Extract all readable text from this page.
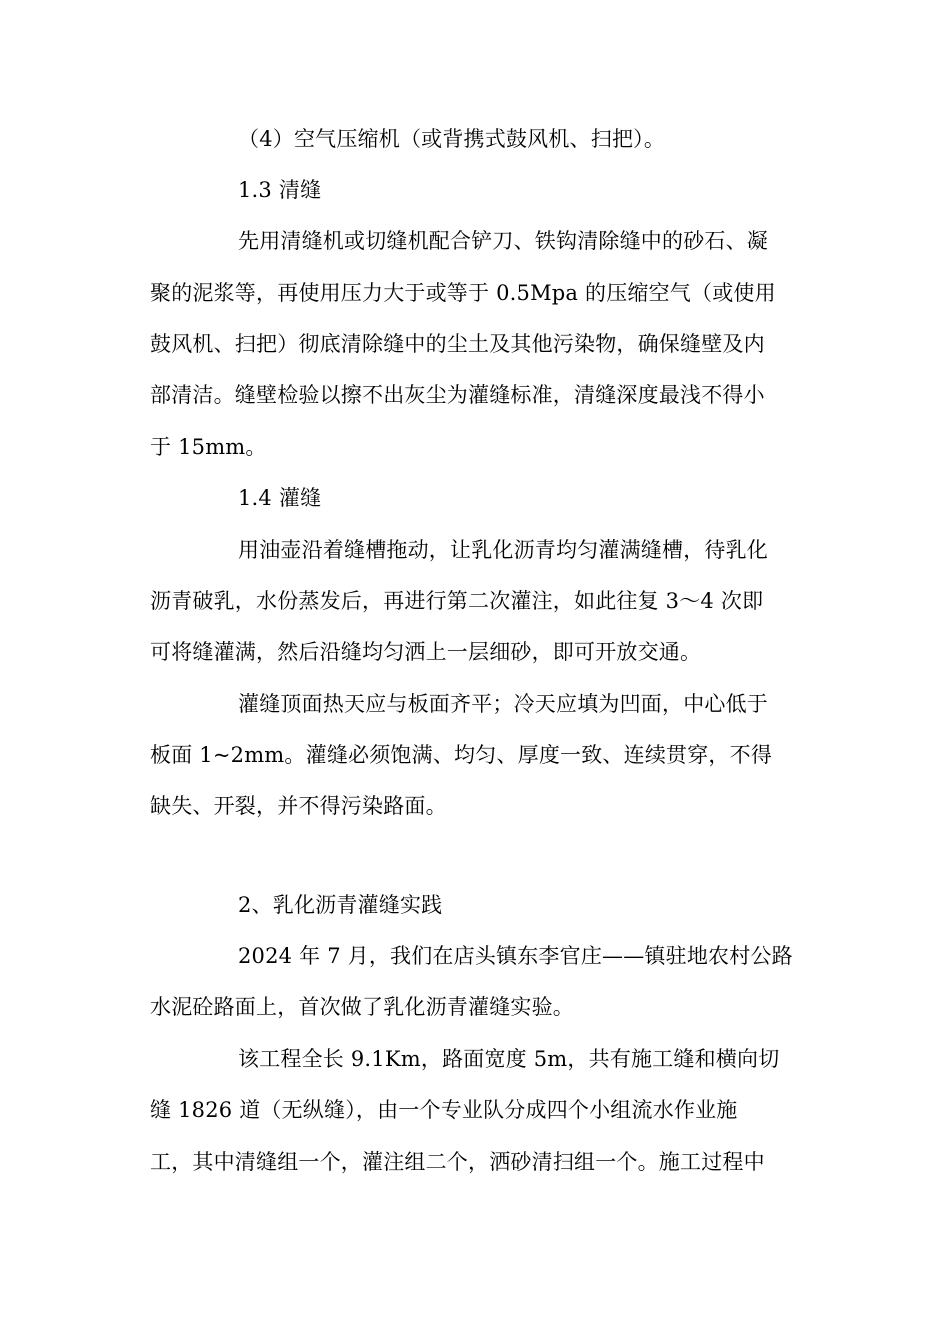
（4）空气压缩机（或背携式鼓风机、扫把）。
1.3 清缝
先用清缝机或切缝机配合铲刀、铁钩清除缝中的砂石、凝
聚的泥浆等，再使用压力大于或等于 0.5Mpa 的压缩空气（或使用
鼓风机、扫把）彻底清除缝中的尘土及其他污染物，确保缝壁及内
部清洁。缝壁检验以擦不出灰尘为灌缝标准，清缝深度最浅不得小
于 15mm。
1.4 灌缝
用油壶沿着缝槽拖动，让乳化沥青均匀灌满缝槽，待乳化
沥青破乳，水份蒸发后，再进行第二次灌注，如此往复 3～4 次即
可将缝灌满，然后沿缝均匀洒上一层细砂，即可开放交通。
灌缝顶面热天应与板面齐平；冷天应填为凹面，中心低于
板面 1~2mm。灌缝必须饱满、均匀、厚度一致、连续贯穿，不得
缺失、开裂，并不得污染路面。
2、乳化沥青灌缝实践
2024 年 7 月，我们在店头镇东李官庄——镇驻地农村公路
水泥砼路面上，首次做了乳化沥青灌缝实验。
该工程全长 9.1Km，路面宽度 5m，共有施工缝和横向切
缝 1826 道（无纵缝），由一个专业队分成四个小组流水作业施
工，其中清缝组一个，灌注组二个，洒砂清扫组一个。施工过程中
